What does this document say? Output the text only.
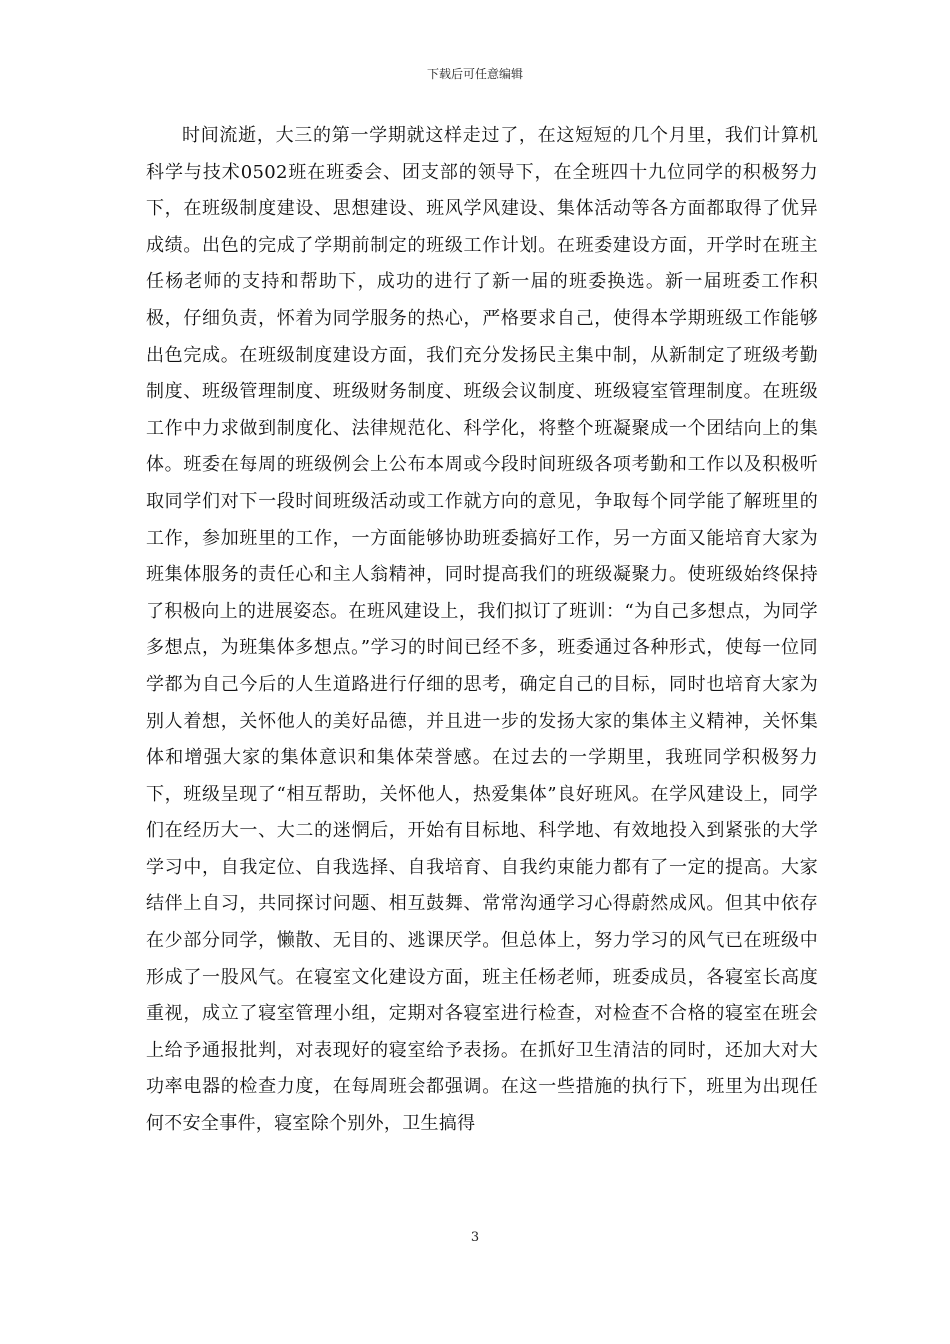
下载后可任意编辑

时间流逝，大三的第一学期就这样走过了，在这短短的几个月里，我们计算机科学与技术0502班在班委会、团支部的领导下，在全班四十九位同学的积极努力下，在班级制度建设、思想建设、班风学风建设、集体活动等各方面都取得了优异成绩。出色的完成了学期前制定的班级工作计划。在班委建设方面，开学时在班主任杨老师的支持和帮助下，成功的进行了新一届的班委换选。新一届班委工作积极，仔细负责，怀着为同学服务的热心，严格要求自己，使得本学期班级工作能够出色完成。在班级制度建设方面，我们充分发扬民主集中制，从新制定了班级考勤制度、班级管理制度、班级财务制度、班级会议制度、班级寝室管理制度。在班级工作中力求做到制度化、法律规范化、科学化，将整个班凝聚成一个团结向上的集体。班委在每周的班级例会上公布本周或今段时间班级各项考勤和工作以及积极听取同学们对下一段时间班级活动或工作就方向的意见，争取每个同学能了解班里的工作，参加班里的工作，一方面能够协助班委搞好工作，另一方面又能培育大家为班集体服务的责任心和主人翁精神，同时提高我们的班级凝聚力。使班级始终保持了积极向上的进展姿态。在班风建设上，我们拟订了班训：“为自己多想点，为同学多想点，为班集体多想点。”学习的时间已经不多，班委通过各种形式，使每一位同学都为自己今后的人生道路进行仔细的思考，确定自己的目标，同时也培育大家为别人着想，关怀他人的美好品德，并且进一步的发扬大家的集体主义精神，关怀集体和增强大家的集体意识和集体荣誉感。在过去的一学期里，我班同学积极努力下，班级呈现了“相互帮助，关怀他人，热爱集体”良好班风。在学风建设上，同学们在经历大一、大二的迷惘后，开始有目标地、科学地、有效地投入到紧张的大学学习中，自我定位、自我选择、自我培育、自我约束能力都有了一定的提高。大家结伴上自习，共同探讨问题、相互鼓舞、常常沟通学习心得蔚然成风。但其中依存在少部分同学，懒散、无目的、逃课厌学。但总体上，努力学习的风气已在班级中形成了一股风气。在寝室文化建设方面，班主任杨老师，班委成员，各寝室长高度重视，成立了寝室管理小组，定期对各寝室进行检查，对检查不合格的寝室在班会上给予通报批判，对表现好的寝室给予表扬。在抓好卫生清洁的同时，还加大对大功率电器的检查力度，在每周班会都强调。在这一些措施的执行下，班里为出现任何不安全事件，寝室除个别外，卫生搞得

3
